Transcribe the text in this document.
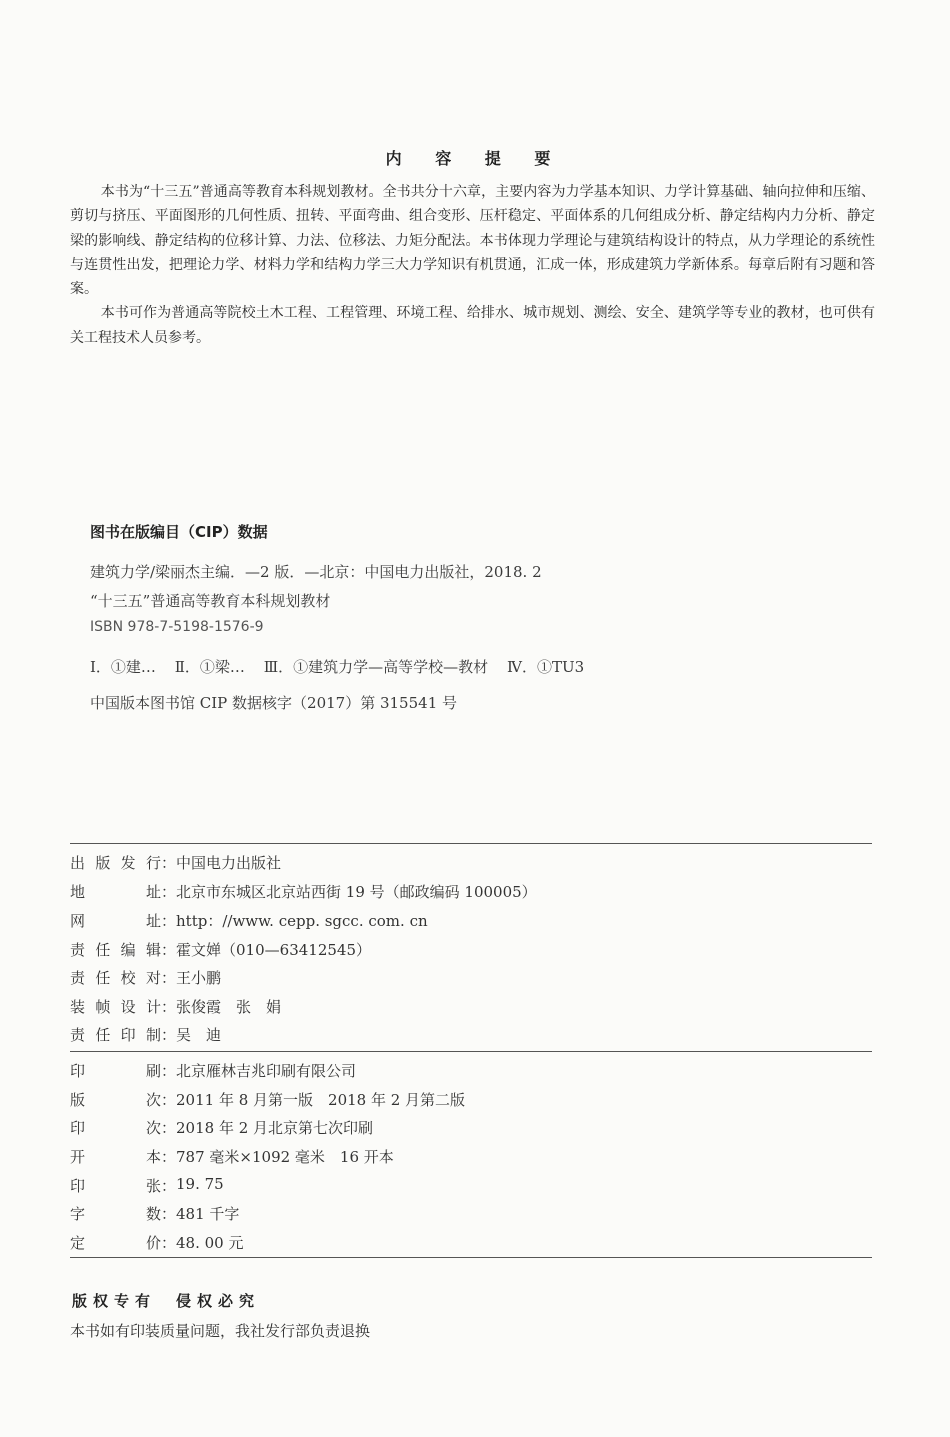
内 容 提 要

本书为“十三五”普通高等教育本科规划教材。全书共分十六章，主要内容为力学基本知识、力学计算基础、轴向拉伸和压缩、剪切与挤压、平面图形的几何性质、扭转、平面弯曲、组合变形、压杆稳定、平面体系的几何组成分析、静定结构内力分析、静定梁的影响线、静定结构的位移计算、力法、位移法、力矩分配法。本书体现力学理论与建筑结构设计的特点，从力学理论的系统性与连贯性出发，把理论力学、材料力学和结构力学三大力学知识有机贯通，汇成一体，形成建筑力学新体系。每章后附有习题和答案。

本书可作为普通高等院校土木工程、工程管理、环境工程、给排水、城市规划、测绘、安全、建筑学等专业的教材，也可供有关工程技术人员参考。

图书在版编目（CIP）数据
建筑力学/梁丽杰主编．—2 版．—北京：中国电力出版社，2018. 2
“十三五”普通高等教育本科规划教材
ISBN 978-7-5198-1576-9
Ⅰ．①建… Ⅱ．①梁… Ⅲ．①建筑力学—高等学校—教材 Ⅳ．①TU3
中国版本图书馆 CIP 数据核字（2017）第 315541 号
出版发行 ： 中国电力出版社
地址 ： 北京市东城区北京站西街 19 号（邮政编码 100005）
网址 ： http：//www. cepp. sgcc. com. cn
责任编辑 ： 霍文婵（010—63412545）
责任校对 ： 王小鹏
装帧设计 ： 张俊霞　张　娟
责任印制 ： 吴　迪
印刷 ： 北京雁林吉兆印刷有限公司
版次 ： 2011 年 8 月第一版　2018 年 2 月第二版
印次 ： 2018 年 2 月北京第七次印刷
开本 ： 787 毫米×1092 毫米　16 开本
印张 ： 19. 75
字数 ： 481 千字
定价 ： 48. 00 元
版权专有 侵权必究
本书如有印装质量问题，我社发行部负责退换
